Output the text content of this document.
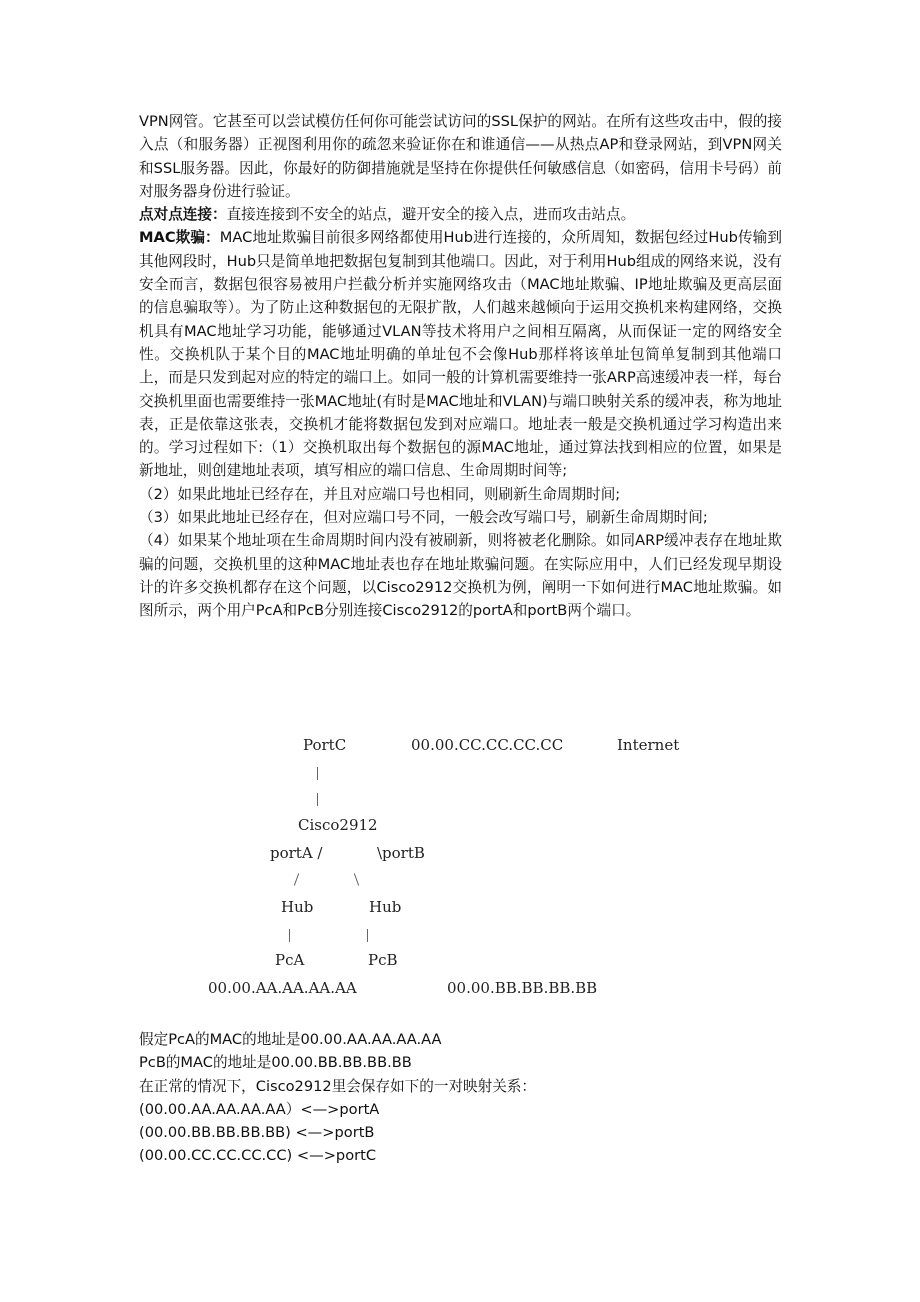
VPN网管。它甚至可以尝试模仿任何你可能尝试访问的SSL保护的网站。在所有这些攻击中，假的接入点（和服务器）正视图利用你的疏忽来验证你在和谁通信——从热点AP和登录网站，到VPN网关和SSL服务器。因此，你最好的防御措施就是坚持在你提供任何敏感信息（如密码，信用卡号码）前对服务器身份进行验证。

点对点连接：直接连接到不安全的站点，避开安全的接入点，进而攻击站点。

MAC欺骗：MAC地址欺骗目前很多网络都使用Hub进行连接的，众所周知，数据包经过Hub传输到其他网段时，Hub只是简单地把数据包复制到其他端口。因此，对于利用Hub组成的网络来说，没有安全而言，数据包很容易被用户拦截分析并实施网络攻击（MAC地址欺骗、IP地址欺骗及更高层面的信息骗取等）。为了防止这种数据包的无限扩散，人们越来越倾向于运用交换机来构建网络，交换机具有MAC地址学习功能，能够通过VLAN等技术将用户之间相互隔离，从而保证一定的网络安全性。交换机队于某个目的MAC地址明确的单址包不会像Hub那样将该单址包简单复制到其他端口上，而是只发到起对应的特定的端口上。如同一般的计算机需要维持一张ARP高速缓冲表一样，每台交换机里面也需要维持一张MAC地址(有时是MAC地址和VLAN)与端口映射关系的缓冲表，称为地址表，正是依靠这张表，交换机才能将数据包发到对应端口。地址表一般是交换机通过学习构造出来的。学习过程如下:（1）交换机取出每个数据包的源MAC地址，通过算法找到相应的位置，如果是新地址，则创建地址表项，填写相应的端口信息、生命周期时间等;

（2）如果此地址已经存在，并且对应端口号也相同，则刷新生命周期时间;

（3）如果此地址已经存在，但对应端口号不同，一般会改写端口号，刷新生命周期时间;

（4）如果某个地址项在生命周期时间内没有被刷新，则将被老化删除。如同ARP缓冲表存在地址欺骗的问题，交换机里的这种MAC地址表也存在地址欺骗问题。在实际应用中，人们已经发现早期设计的许多交换机都存在这个问题，以Cisco2912交换机为例，阐明一下如何进行MAC地址欺骗。如图所示，两个用户PcA和PcB分别连接Cisco2912的portA和portB两个端口。

PortC	00.00.CC.CC.CC.CC	Internet
Cisco2912
portA /	\portB
Hub	Hub
PcA	PcB
00.00.AA.AA.AA.AA	00.00.BB.BB.BB.BB

假定PcA的MAC的地址是00.00.AA.AA.AA.AA

PcB的MAC的地址是00.00.BB.BB.BB.BB

在正常的情况下，Cisco2912里会保存如下的一对映射关系：

(00.00.AA.AA.AA.AA）<—>portA

(00.00.BB.BB.BB.BB) <—>portB

(00.00.CC.CC.CC.CC) <—>portC
